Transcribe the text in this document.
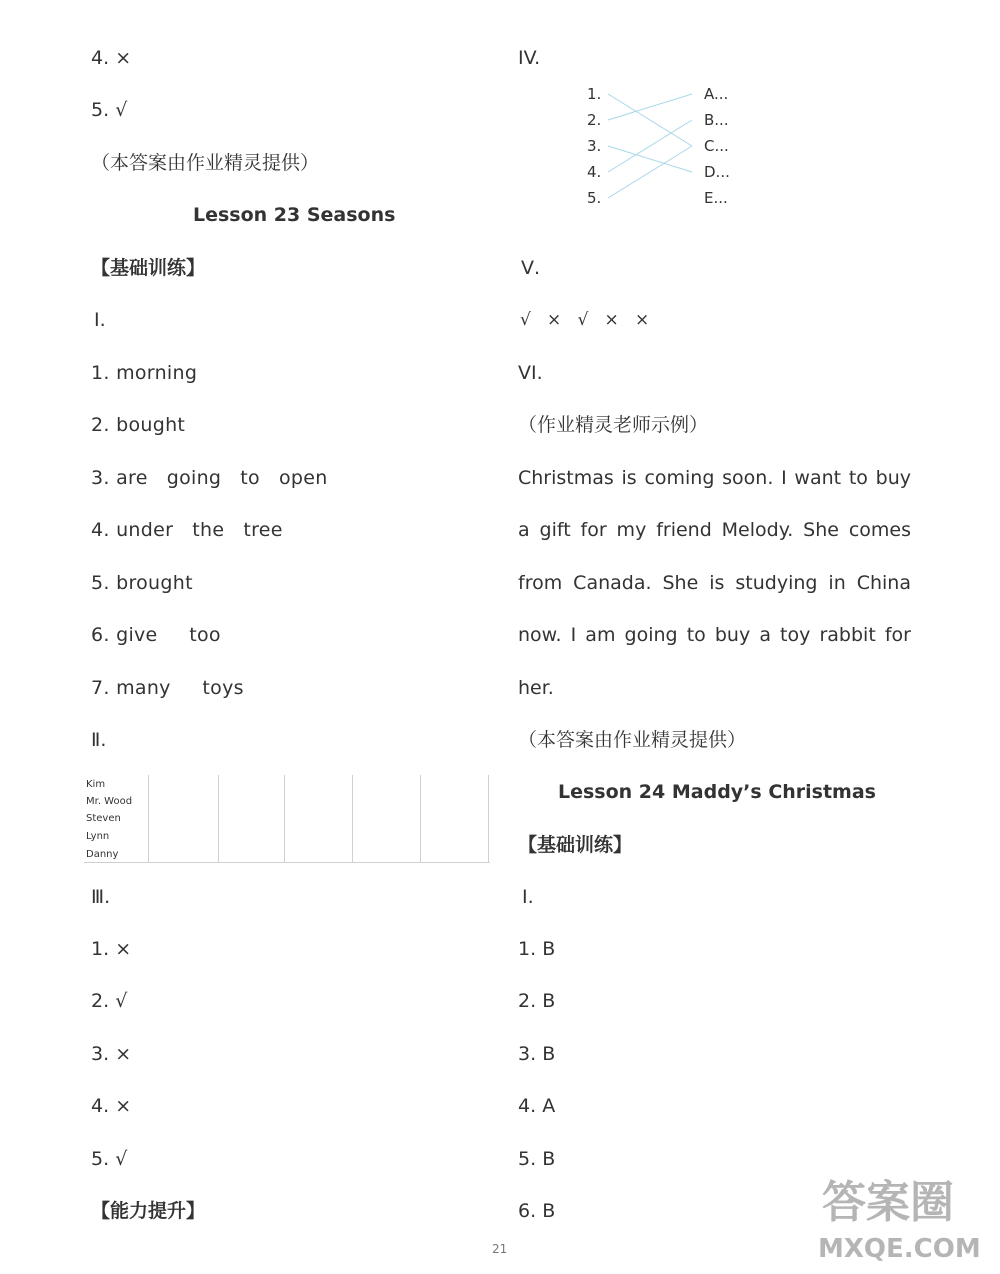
4. ×
5. √
（本答案由作业精灵提供）
Lesson 23 Seasons
【基础训练】
Ⅰ.
1. morning
2. bought
3. are   going   to   open
4. under   the   tree
5. brought
6. give     too
7. many     toys
Ⅱ.
Kim
Mr. Wood
Steven
Lynn
Danny
Ⅲ.
1. ×
2. √
3. ×
4. ×
5. √
【能力提升】
IV.
1.
2.
3.
4.
5.
A...
B...
C...
D...
E...
Ⅴ.
√   ×   √   ×   ×
VI.
（作业精灵老师示例）
Christmas is coming soon. I want to buy
a gift for my friend Melody. She comes
from Canada. She is studying in China
now. I am going to buy a toy rabbit for
her.
（本答案由作业精灵提供）
Lesson 24 Maddy’s Christmas
【基础训练】
Ⅰ.
1. B
2. B
3. B
4. A
5. B
6. B
21
答案圈
MXQE.COM
